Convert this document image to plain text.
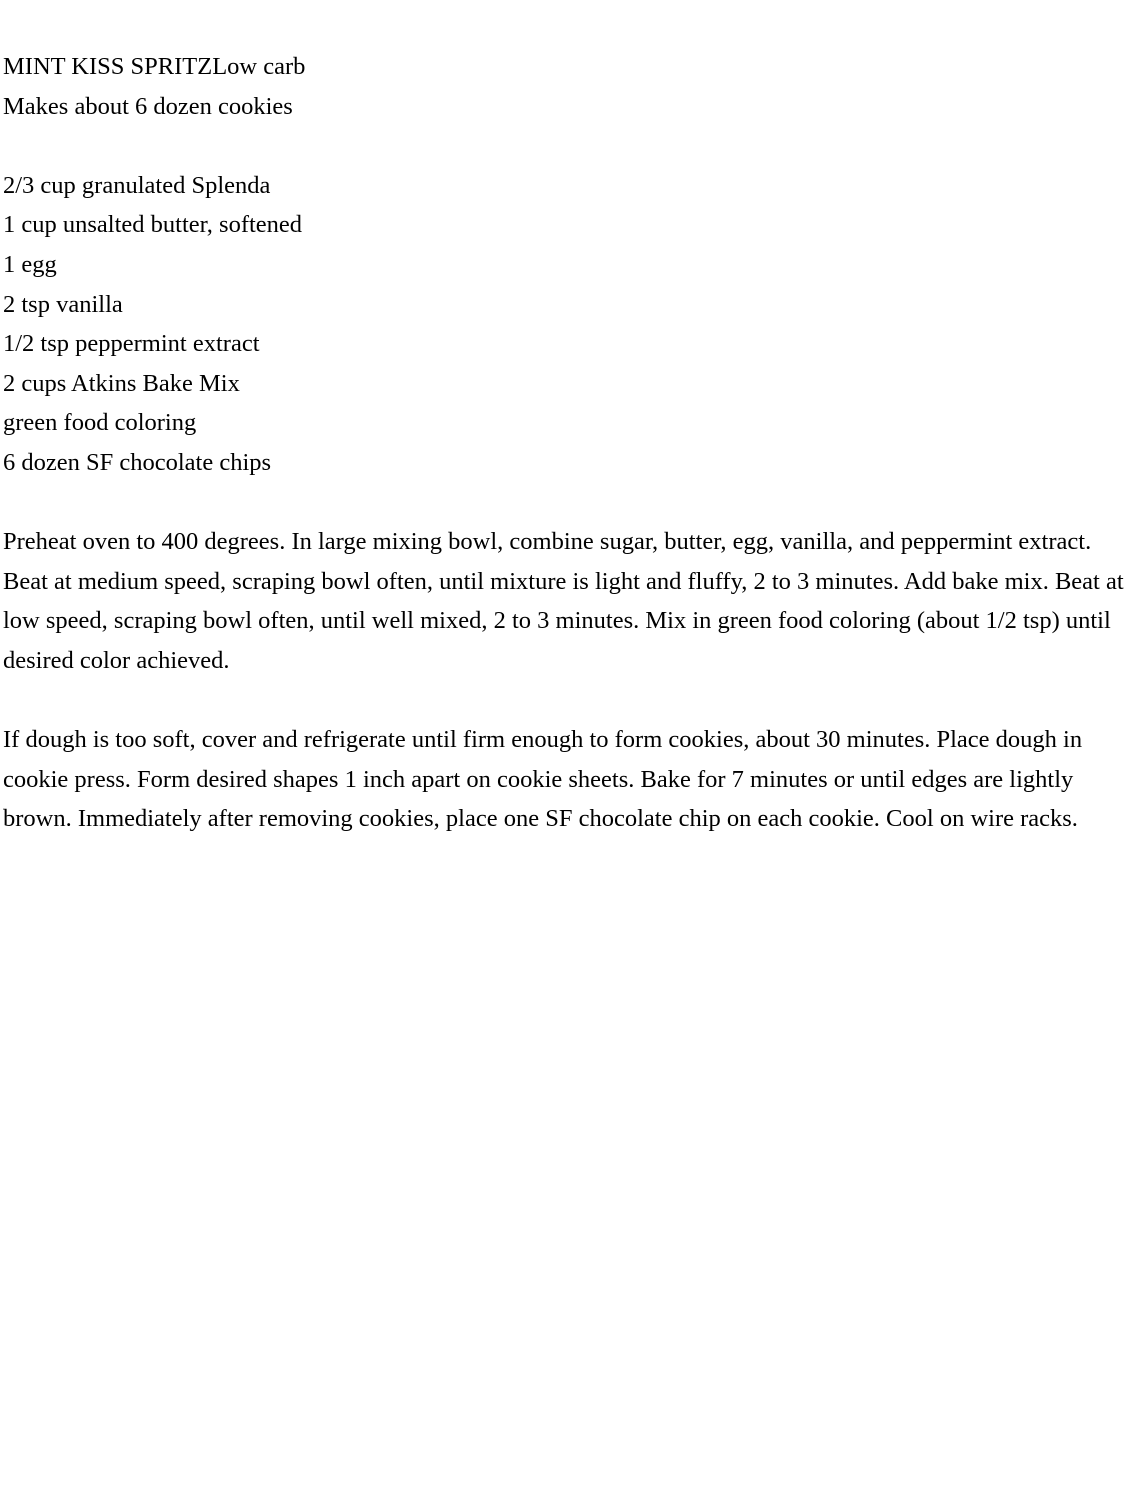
MINT KISS SPRITZLow carb
Makes about 6 dozen cookies
2/3 cup granulated Splenda
1 cup unsalted butter, softened
1 egg
2 tsp vanilla
1/2 tsp peppermint extract
2 cups Atkins Bake Mix
green food coloring
6 dozen SF chocolate chips

Preheat oven to 400 degrees. In large mixing bowl, combine sugar, butter, egg, vanilla, and peppermint extract. Beat at medium speed, scraping bowl often, until mixture is light and fluffy, 2 to 3 minutes. Add bake mix. Beat at low speed, scraping bowl often, until well mixed, 2 to 3 minutes. Mix in green food coloring (about 1/2 tsp) until desired color achieved.

If dough is too soft, cover and refrigerate until firm enough to form cookies, about 30 minutes. Place dough in cookie press. Form desired shapes 1 inch apart on cookie sheets. Bake for 7 minutes or until edges are lightly brown. Immediately after removing cookies, place one SF chocolate chip on each cookie. Cool on wire racks.
